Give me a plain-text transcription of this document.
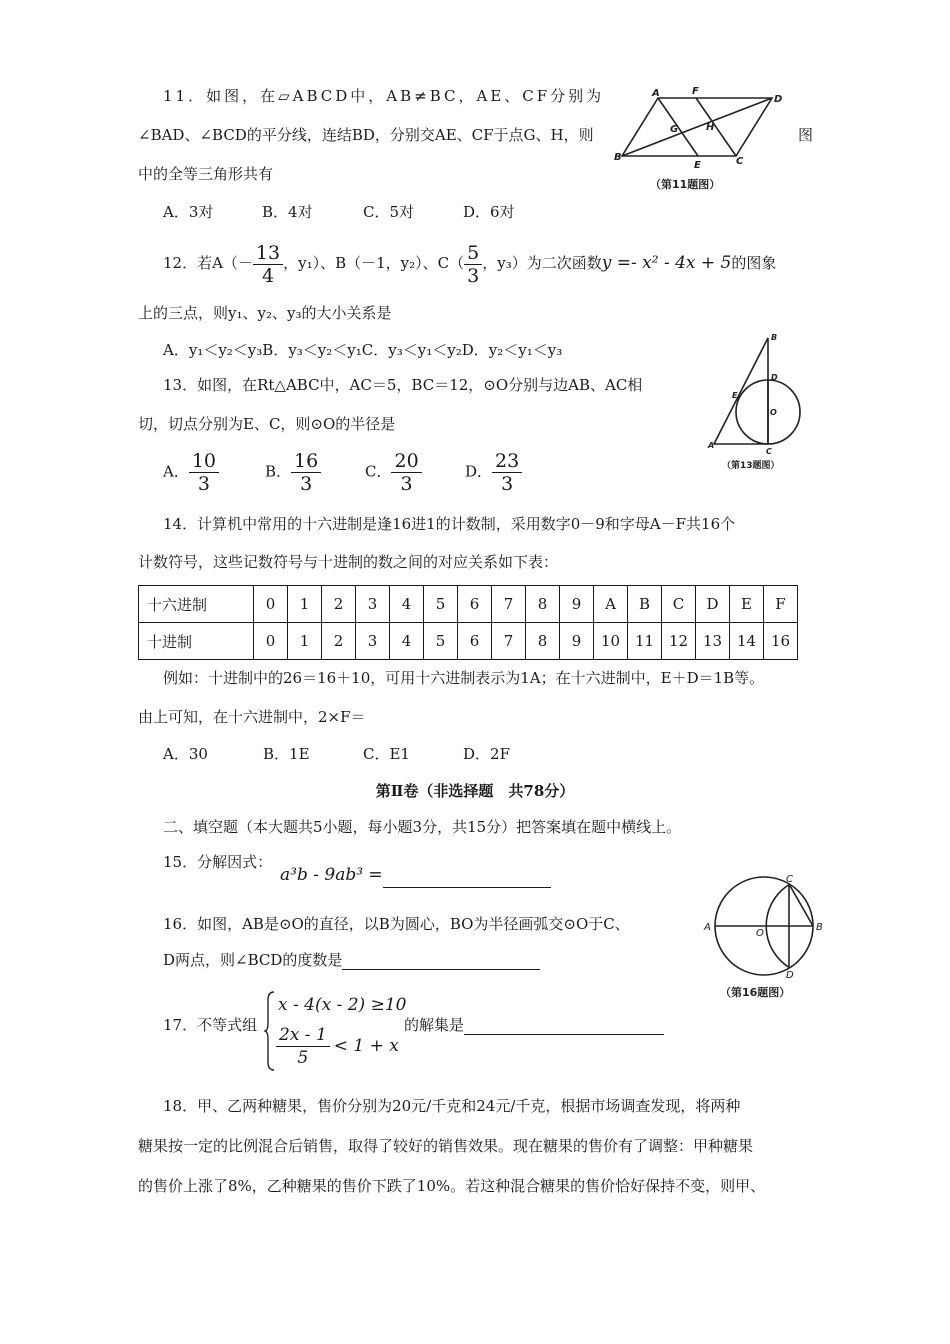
11．如图，在▱ABCD中，AB≠BC，AE、CF分别为
∠BAD、∠BCD的平分线，连结BD，分别交AE、CF于点G、H，则	图
中的全等三角形共有
A．3对	B．4对	C．5对	D．6对
A	F
D
G	H
B
E	C
（第11题图）
12．若$A(- \frac{13}{4}$ ，y₁）、B（－1，y₂）、$C( \frac{5}{3}$ ，y₃）为二次函数y =- x² - 4x + 5的图象
上的三点，则y₁、y₂、y₃的大小关系是
A．y₁＜y₂＜y₃B．y₃＜y₂＜y₁C．y₃＜y₁＜y₂D．y₂＜y₁＜y₃
13．如图，在Rt△ABC中，AC＝5，BC＝12，⊙O分别与边AB、AC相
切，切点分别为E、C，则⊙O的半径是
A． $\frac{10}{3}$	B． $\frac{16}{3}$	C． $\frac{20}{3}$	D． $\frac{23}{3}$
B
D
E
O
A
C
（第13题图）
14．计算机中常用的十六进制是逢16进1的计数制，采用数字0－9和字母A－F共16个
计数符号，这些记数符号与十进制的数之间的对应关系如下表：
十六进制	0	1	2	3	4	5	6	7	8	9	A	B	C	D	E	F
十进制	0	1	2	3	4	5	6	7	8	9	10	11	12	13	14	16
例如：十进制中的26＝16＋10，可用十六进制表示为1A；在十六进制中，E＋D＝1B等。
由上可知，在十六进制中，2×F＝
A．30	B．1E	C．E1	D．2F
第Ⅱ卷（非选择题　共78分）
二、填空题（本大题共5小题，每小题3分，共15分）把答案填在题中横线上。
15．分解因式：
a³b - 9ab³ =
16．如图，AB是⊙O的直径，以B为圆心，BO为半径画弧交⊙O于C、
D两点，则∠BCD的度数是
C
A
O
B
D
（第16题图）
17．不等式组
x - 4(x - 2) ≥10
$\frac{2x - 1}{5} < 1 + x$
的解集是
18．甲、乙两种糖果，售价分别为20元/千克和24元/千克，根据市场调查发现，将两种
糖果按一定的比例混合后销售，取得了较好的销售效果。现在糖果的售价有了调整：甲种糖果
的售价上涨了8%，乙种糖果的售价下跌了10%。若这种混合糖果的售价恰好保持不变，则甲、
